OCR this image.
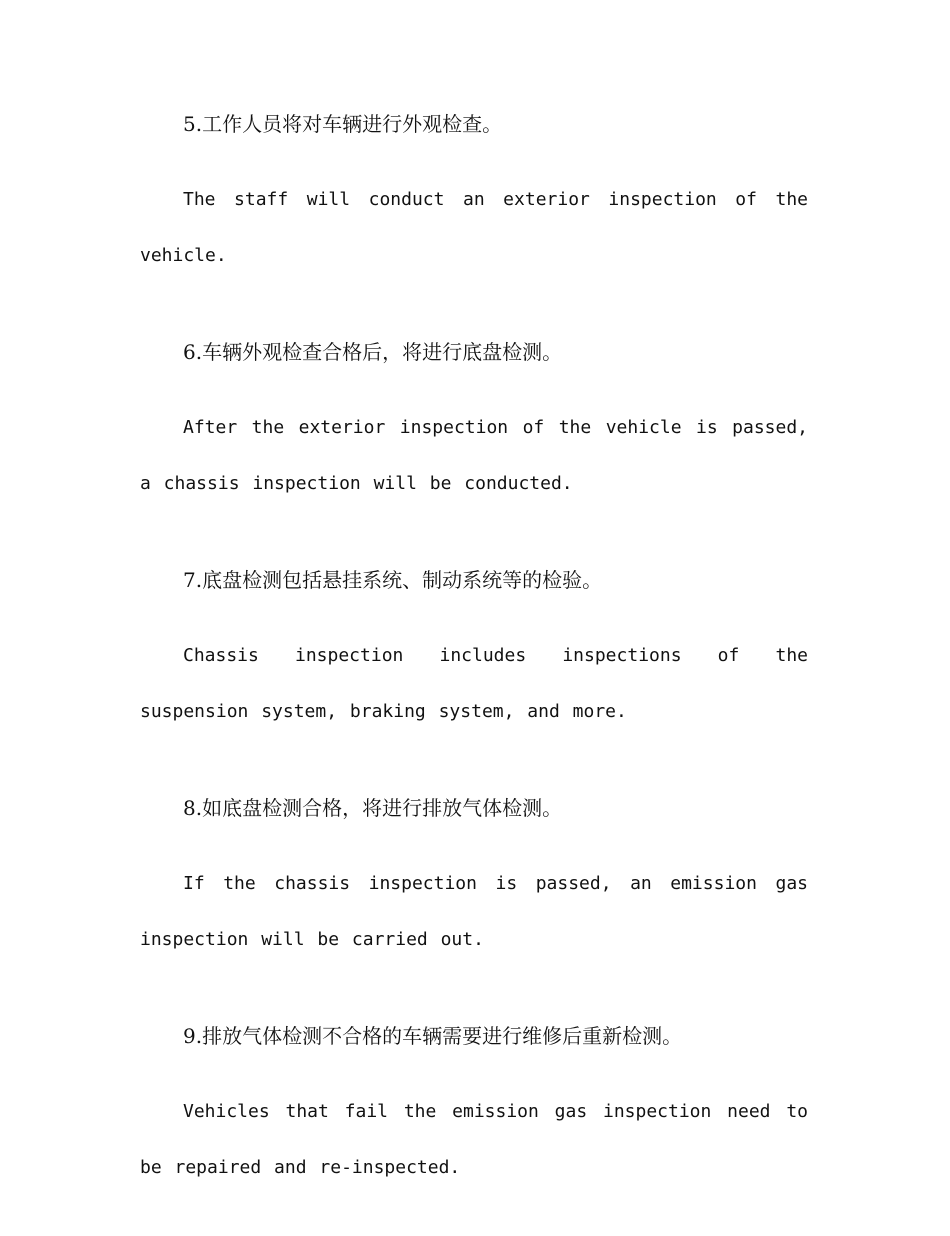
5.工作人员将对车辆进行外观检查。

The staff will conduct an exterior inspection of the vehicle.

6.车辆外观检查合格后，将进行底盘检测。

After the exterior inspection of the vehicle is passed, a chassis inspection will be conducted.

7.底盘检测包括悬挂系统、制动系统等的检验。

Chassis inspection includes inspections of the suspension system, braking system, and more.

8.如底盘检测合格，将进行排放气体检测。

If the chassis inspection is passed, an emission gas inspection will be carried out.

9.排放气体检测不合格的车辆需要进行维修后重新检测。

Vehicles that fail the emission gas inspection need to be repaired and re-inspected.
